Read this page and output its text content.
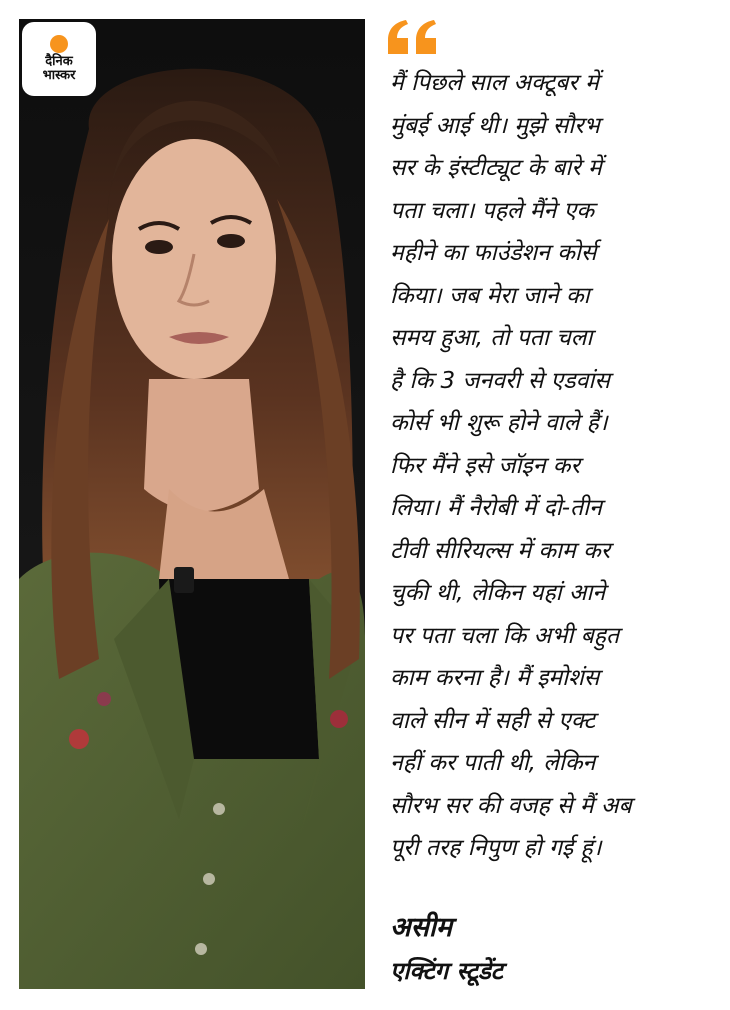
दैनिक
भास्कर	मैं पिछले साल अक्टूबर में
मुंबई आई थी। मुझे सौरभ
सर के इंस्टीट्यूट के बारे में
पता चला। पहले मैंने एक
महीने का फाउंडेशन कोर्स
किया। जब मेरा जाने का
समय हुआ, तो पता चला
है कि 3 जनवरी से एडवांस
कोर्स भी शुरू होने वाले हैं।
फिर मैंने इसे जॉइन कर
लिया। मैं नैरोबी में दो-तीन
टीवी सीरियल्स में काम कर
चुकी थी, लेकिन यहां आने
पर पता चला कि अभी बहुत
काम करना है। मैं इमोशंस
वाले सीन में सही से एक्ट
नहीं कर पाती थी, लेकिन
सौरभ सर की वजह से मैं अब
पूरी तरह निपुण हो गई हूं।
असीम
एक्टिंग स्टूडेंट
